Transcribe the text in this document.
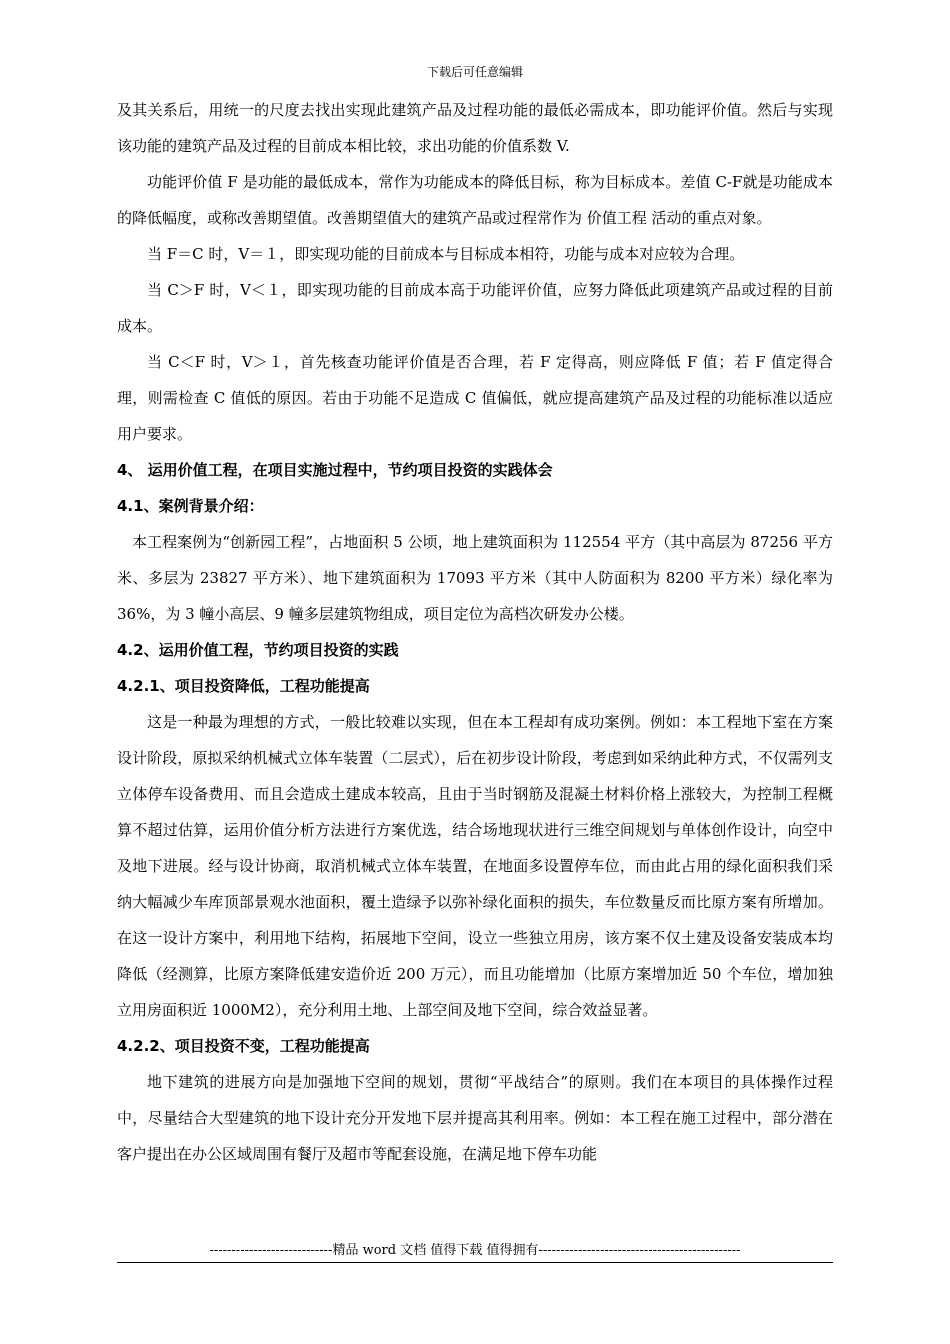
下载后可任意编辑

及其关系后，用统一的尺度去找出实现此建筑产品及过程功能的最低必需成本，即功能评价值。然后与实现该功能的建筑产品及过程的目前成本相比较，求出功能的价值系数 V.

功能评价值 F 是功能的最低成本，常作为功能成本的降低目标，称为目标成本。差值 C-F就是功能成本的降低幅度，或称改善期望值。改善期望值大的建筑产品或过程常作为 价值工程 活动的重点对象。

当 F＝C 时，V＝１，即实现功能的目前成本与目标成本相符，功能与成本对应较为合理。

当 C＞F 时，V＜１，即实现功能的目前成本高于功能评价值，应努力降低此项建筑产品或过程的目前成本。

当 C＜F 时，V＞１，首先核查功能评价值是否合理，若 F 定得高，则应降低 F 值；若 F 值定得合理，则需检查 C 值低的原因。若由于功能不足造成 C 值偏低，就应提高建筑产品及过程的功能标准以适应用户要求。

4、 运用价值工程，在项目实施过程中，节约项目投资的实践体会

4.1、案例背景介绍：

本工程案例为“创新园工程”，占地面积 5 公顷，地上建筑面积为 112554 平方（其中高层为 87256 平方米、多层为 23827 平方米）、地下建筑面积为 17093 平方米（其中人防面积为 8200 平方米）绿化率为 36%，为 3 幢小高层、9 幢多层建筑物组成，项目定位为高档次研发办公楼。

4.2、运用价值工程，节约项目投资的实践

4.2.1、项目投资降低，工程功能提高

这是一种最为理想的方式，一般比较难以实现，但在本工程却有成功案例。例如：本工程地下室在方案设计阶段，原拟采纳机械式立体车装置（二层式），后在初步设计阶段，考虑到如采纳此种方式，不仅需列支立体停车设备费用、而且会造成土建成本较高，且由于当时钢筋及混凝土材料价格上涨较大，为控制工程概算不超过估算，运用价值分析方法进行方案优选，结合场地现状进行三维空间规划与单体创作设计，向空中及地下进展。经与设计协商，取消机械式立体车装置，在地面多设置停车位，而由此占用的绿化面积我们采纳大幅减少车库顶部景观水池面积，覆土造绿予以弥补绿化面积的损失，车位数量反而比原方案有所增加。在这一设计方案中，利用地下结构，拓展地下空间，设立一些独立用房，该方案不仅土建及设备安装成本均降低（经测算，比原方案降低建安造价近 200 万元），而且功能增加（比原方案增加近 50 个车位，增加独立用房面积近 1000M2），充分利用土地、上部空间及地下空间，综合效益显著。

4.2.2、项目投资不变，工程功能提高

地下建筑的进展方向是加强地下空间的规划，贯彻“平战结合”的原则。我们在本项目的具体操作过程中，尽量结合大型建筑的地下设计充分开发地下层并提高其利用率。例如：本工程在施工过程中，部分潜在客户提出在办公区域周围有餐厅及超市等配套设施，在满足地下停车功能

----------------------------精品 word 文档 值得下载 值得拥有----------------------------------------------
